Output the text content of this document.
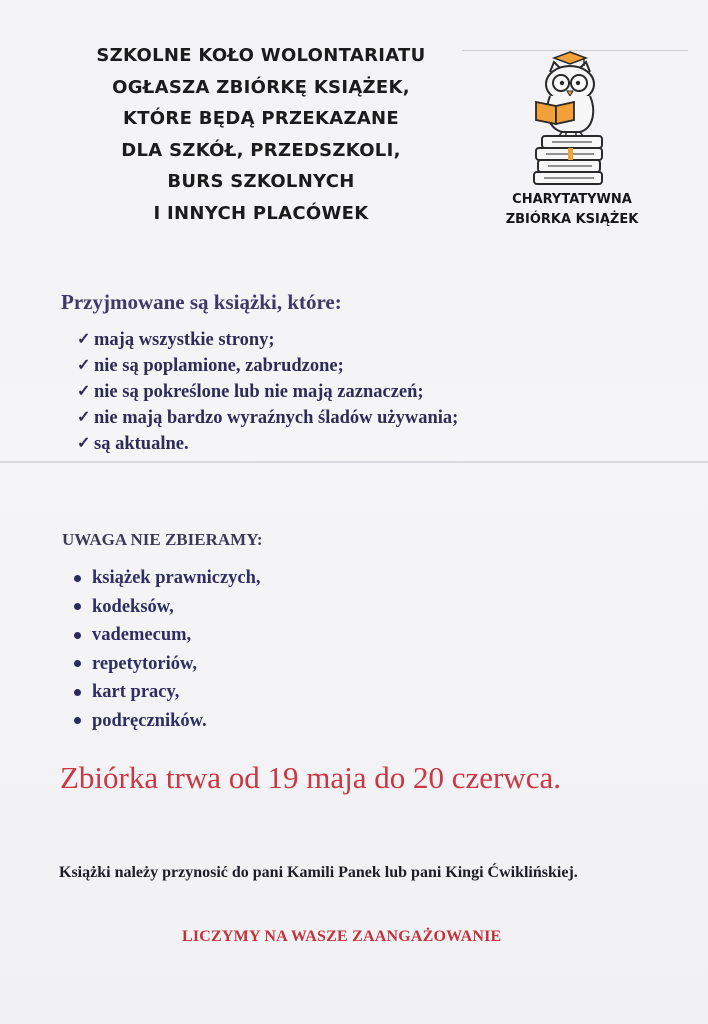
SZKOLNE KOŁO WOLONTARIATU
OGŁASZA ZBIÓRKĘ KSIĄŻEK,
KTÓRE BĘDĄ PRZEKAZANE
DLA SZKÓŁ, PRZEDSZKOLI,
BURS SZKOLNYCH
I INNYCH PLACÓWEK
CHARYTATYWNA
ZBIÓRKA KSIĄŻEK
Przyjmowane są książki, które:
✓ mają wszystkie strony;
✓ nie są poplamione, zabrudzone;
✓ nie są pokreślone lub nie mają zaznaczeń;
✓ nie mają bardzo wyraźnych śladów używania;
✓ są aktualne.
UWAGA NIE ZBIERAMY:
książek prawniczych,
kodeksów,
vademecum,
repetytoriów,
kart pracy,
podręczników.
Zbiórka trwa od 19 maja do 20 czerwca.
Książki należy przynosić do pani Kamili Panek lub pani Kingi Ćwiklińskiej.
LICZYMY NA WASZE ZAANGAŻOWANIE
